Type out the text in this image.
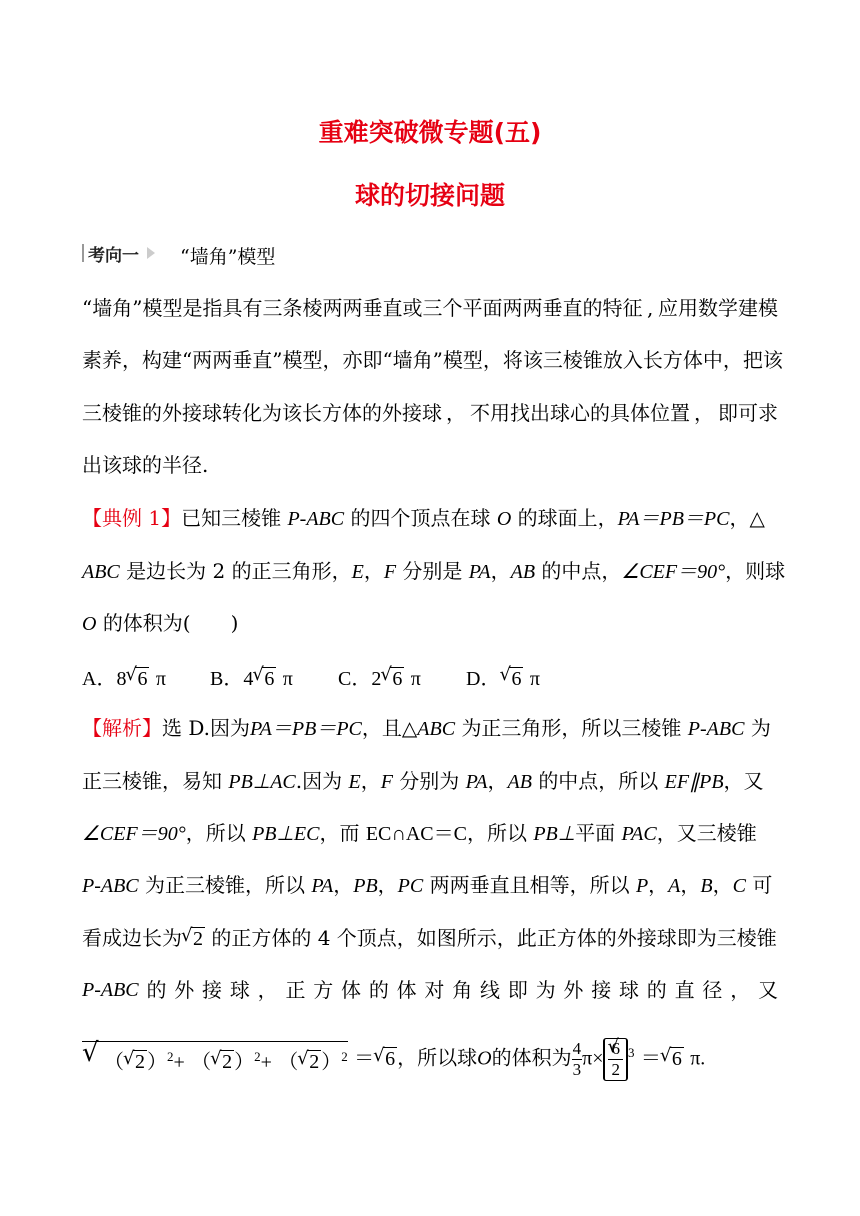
重难突破微专题(五)
球的切接问题
考向一 “墙角”模型
“墙角”模型是指具有三条棱两两垂直或三个平面两两垂直的特征 , 应用数学建模
素养 ， 构建“两两垂直”模型 ， 亦即“墙角”模型 ， 将该三棱锥放入长方体中 ， 把该
三棱锥的外接球转化为该长方体的外接球 ， 不用找出球心的具体位置 ， 即可求
出该球的半径.
【典例 1】已知三棱锥 P-ABC 的四个顶点在球 O 的球面上，PA＝PB＝PC，△
ABC 是边长为 2 的正三角形，E，F 分别是 PA，AB 的中点，∠CEF＝90°，则球
O 的体积为(　　)
A．8 √ 6 π B．4 √ 6 π C．2 √ 6 π D． √ 6 π
【解析】选 D.因为PA＝PB＝PC，且△ABC 为正三角形，所以三棱锥 P-ABC 为
正三棱锥，易知 PB⊥AC.因为 E，F 分别为 PA，AB 的中点，所以 EF∥PB，又
∠CEF＝90°，所以 PB⊥EC，而 EC∩AC＝C，所以 PB⊥平面 PAC，又三棱锥
P-ABC 为正三棱锥，所以 PA，PB，PC 两两垂直且相等，所以 P，A，B，C 可
看成边长为 √ 2 的正方体的 4 个顶点，如图所示，此正方体的外接球即为三棱锥
P-ABC 的 外 接 球 ， 正 方 体 的 体 对 角 线 即 为 外 接 球 的 直 径 ， 又
√ （ √ 2 ）$^2$+ （ √ 2 ）$^2$+ （ √ 2 ）$^2$ ＝ √ 6 ，所以球O的体积为 $\frac{4}{3} \pi\times$ √ $\frac{6}{2} ^3$ ＝ √ 6 π.
